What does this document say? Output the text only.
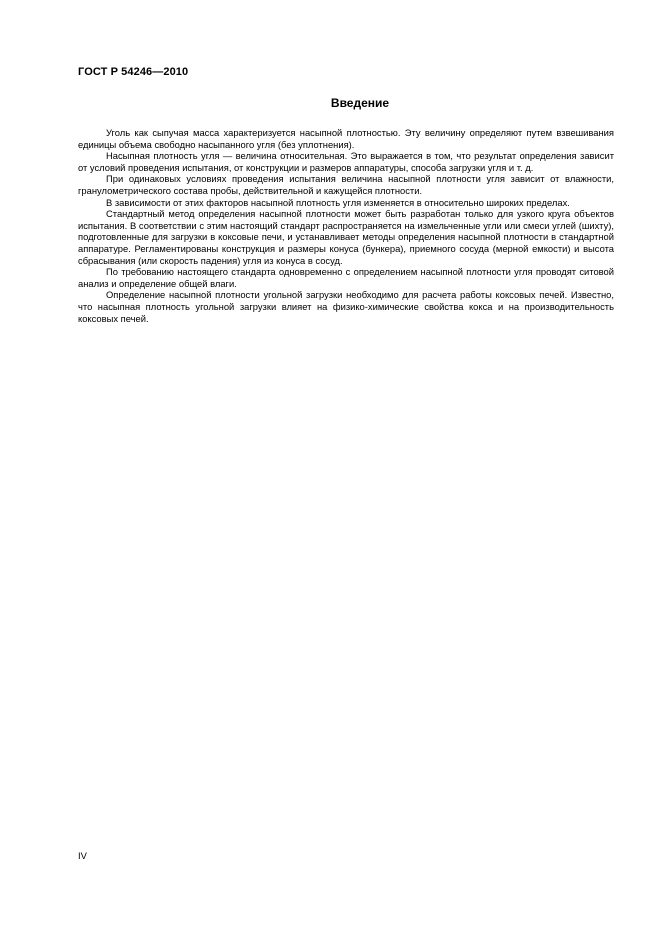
ГОСТ Р 54246—2010
Введение

Уголь как сыпучая масса характеризуется насыпной плотностью. Эту величину определяют путем взвешивания единицы объема свободно насыпанного угля (без уплотнения).

Насыпная плотность угля — величина относительная. Это выражается в том, что результат определения зависит от условий проведения испытания, от конструкции и размеров аппаратуры, способа загрузки угля и т. д.

При одинаковых условиях проведения испытания величина насыпной плотности угля зависит от влажности, гранулометрического состава пробы, действительной и кажущейся плотности.

В зависимости от этих факторов насыпной плотность угля изменяется в относительно широких пределах.

Стандартный метод определения насыпной плотности может быть разработан только для узкого круга объектов испытания. В соответствии с этим настоящий стандарт распространяется на измельченные угли или смеси углей (шихту), подготовленные для загрузки в коксовые печи, и устанавливает методы определения насыпной плотности в стандартной аппаратуре. Регламентированы конструкция и размеры конуса (бункера), приемного сосуда (мерной емкости) и высота сбрасывания (или скорость падения) угля из конуса в сосуд.

По требованию настоящего стандарта одновременно с определением насыпной плотности угля проводят ситовой анализ и определение общей влаги.

Определение насыпной плотности угольной загрузки необходимо для расчета работы коксовых печей. Известно, что насыпная плотность угольной загрузки влияет на физико-химические свойства кокса и на производительность коксовых печей.

IV
